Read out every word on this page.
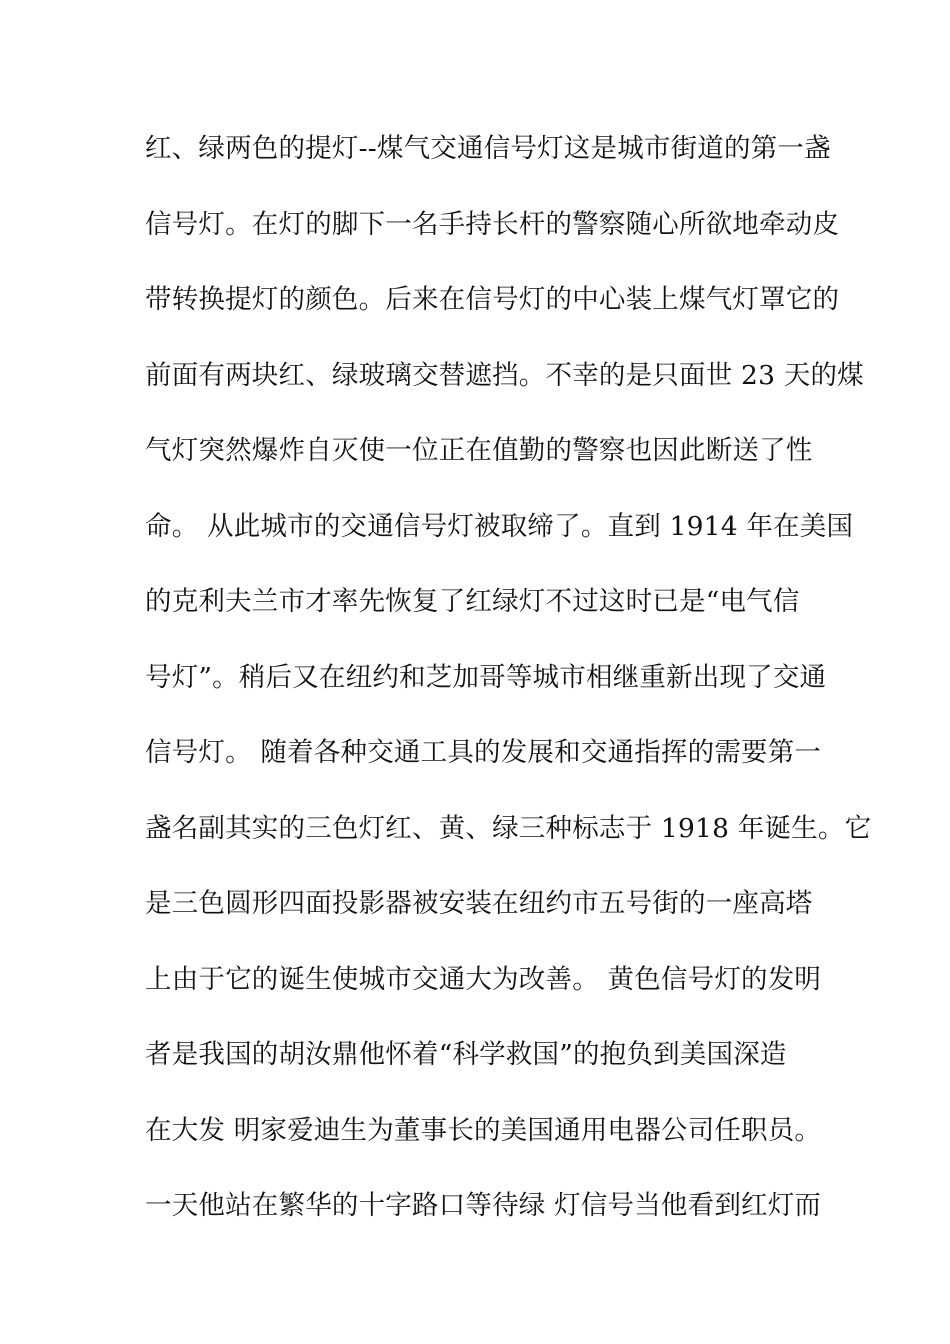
红、绿两色的提灯--煤气交通信号灯这是城市街道的第一盏
信号灯。在灯的脚下一名手持长杆的警察随心所欲地牵动皮
带转换提灯的颜色。后来在信号灯的中心装上煤气灯罩它的
前面有两块红、绿玻璃交替遮挡。不幸的是只面世 23 天的煤
气灯突然爆炸自灭使一位正在值勤的警察也因此断送了性
命。 从此城市的交通信号灯被取缔了。直到 1914 年在美国
的克利夫兰市才率先恢复了红绿灯不过这时已是“电气信
号灯”。稍后又在纽约和芝加哥等城市相继重新出现了交通
信号灯。 随着各种交通工具的发展和交通指挥的需要第一
盏名副其实的三色灯红、黄、绿三种标志于 1918 年诞生。它
是三色圆形四面投影器被安装在纽约市五号街的一座高塔
上由于它的诞生使城市交通大为改善。 黄色信号灯的发明
者是我国的胡汝鼎他怀着“科学救国”的抱负到美国深造
在大发 明家爱迪生为董事长的美国通用电器公司任职员。
一天他站在繁华的十字路口等待绿 灯信号当他看到红灯而
